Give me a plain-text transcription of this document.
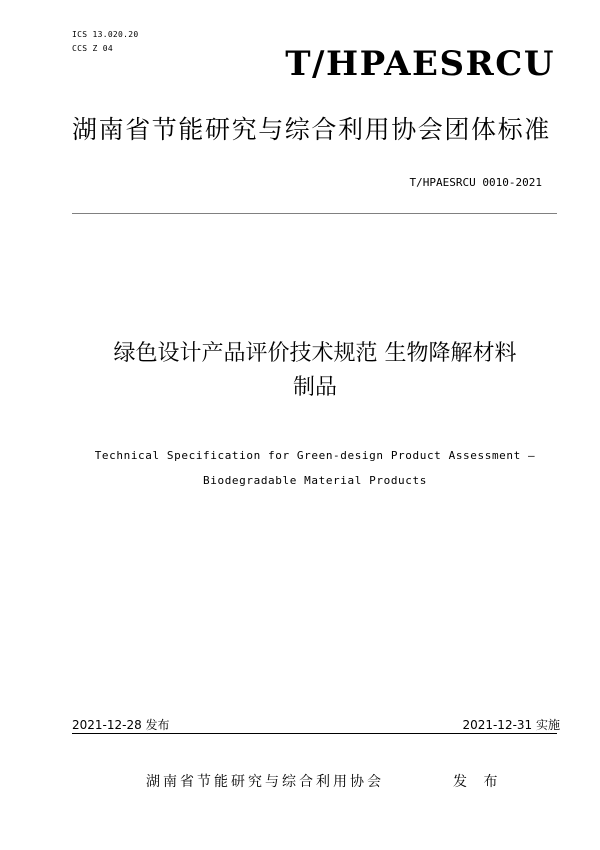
ICS 13.020.20
CCS Z 04	T/HPAESRCU
湖南省节能研究与综合利用协会团体标准
T/HPAESRCU 0010-2021
绿色设计产品评价技术规范 生物降解材料
制品
Technical Specification for Green-design Product Assessment –
Biodegradable Material Products
2021-12-28 发布	2021-12-31 实施
湖南省节能研究与综合利用协会	发 布
